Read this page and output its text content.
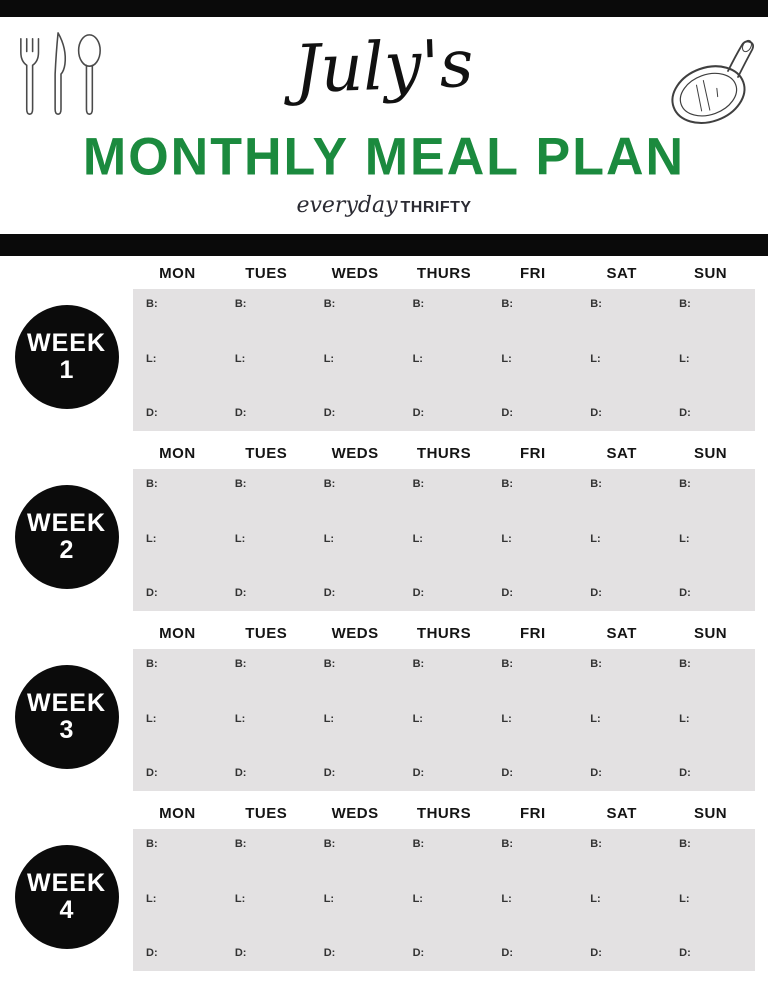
July's
MONTHLY MEAL PLAN
everyday THRIFTY
MON	TUES	WEDS	THURS	FRI	SAT	SUN
WEEK
1
B:
L:
D:
B:
L:
D:
B:
L:
D:
B:
L:
D:
B:
L:
D:
B:
L:
D:
B:
L:
D:
MON	TUES	WEDS	THURS	FRI	SAT	SUN
WEEK
2
B:
L:
D:
B:
L:
D:
B:
L:
D:
B:
L:
D:
B:
L:
D:
B:
L:
D:
B:
L:
D:
MON	TUES	WEDS	THURS	FRI	SAT	SUN
WEEK
3
B:
L:
D:
B:
L:
D:
B:
L:
D:
B:
L:
D:
B:
L:
D:
B:
L:
D:
B:
L:
D:
MON	TUES	WEDS	THURS	FRI	SAT	SUN
WEEK
4
B:
L:
D:
B:
L:
D:
B:
L:
D:
B:
L:
D:
B:
L:
D:
B:
L:
D:
B:
L:
D:
